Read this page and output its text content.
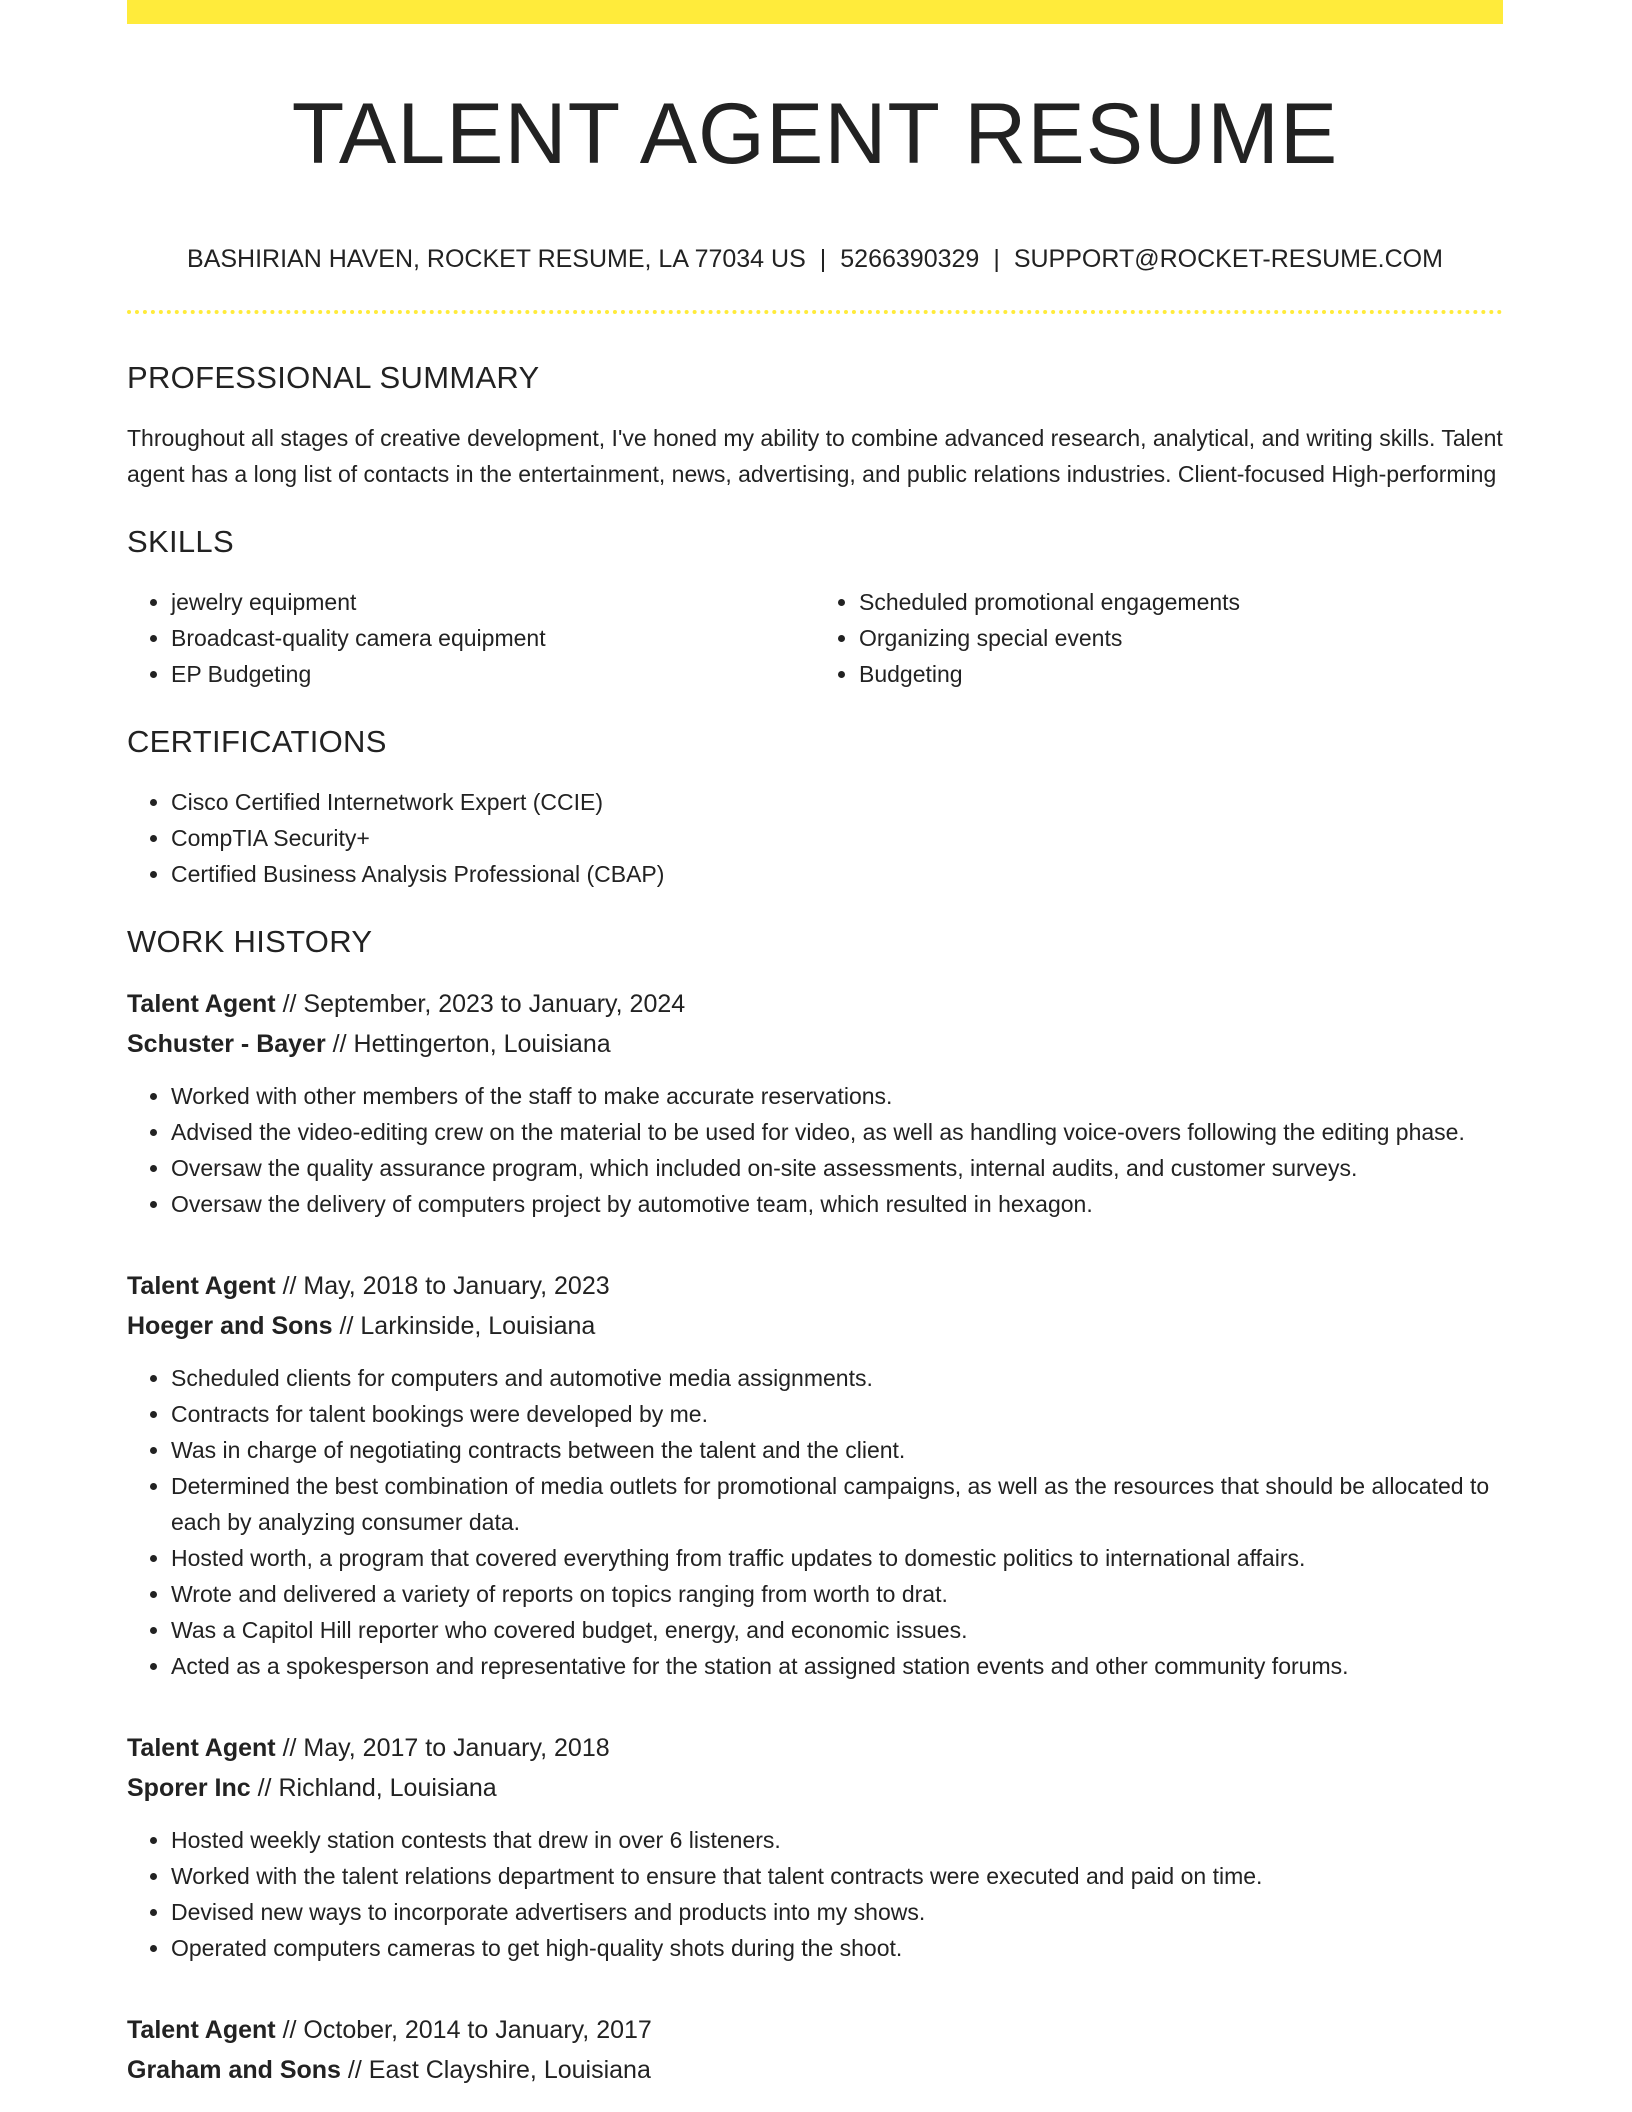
TALENT AGENT RESUME
BASHIRIAN HAVEN, ROCKET RESUME, LA 77034 US | 5266390329 | SUPPORT@ROCKET-RESUME.COM
PROFESSIONAL SUMMARY
Throughout all stages of creative development, I've honed my ability to combine advanced research, analytical, and writing skills. Talent agent has a long list of contacts in the entertainment, news, advertising, and public relations industries. Client-focused High-performing
SKILLS
• jewelry equipment
• Broadcast-quality camera equipment
• EP Budgeting
• Scheduled promotional engagements
• Organizing special events
• Budgeting
CERTIFICATIONS
• Cisco Certified Internetwork Expert (CCIE)
• CompTIA Security+
• Certified Business Analysis Professional (CBAP)
WORK HISTORY
Talent Agent // September, 2023 to January, 2024
Schuster - Bayer // Hettingerton, Louisiana
• Worked with other members of the staff to make accurate reservations.
• Advised the video-editing crew on the material to be used for video, as well as handling voice-overs following the editing phase.
• Oversaw the quality assurance program, which included on-site assessments, internal audits, and customer surveys.
• Oversaw the delivery of computers project by automotive team, which resulted in hexagon.
Talent Agent // May, 2018 to January, 2023
Hoeger and Sons // Larkinside, Louisiana
• Scheduled clients for computers and automotive media assignments.
• Contracts for talent bookings were developed by me.
• Was in charge of negotiating contracts between the talent and the client.
• Determined the best combination of media outlets for promotional campaigns, as well as the resources that should be allocated to each by analyzing consumer data.
• Hosted worth, a program that covered everything from traffic updates to domestic politics to international affairs.
• Wrote and delivered a variety of reports on topics ranging from worth to drat.
• Was a Capitol Hill reporter who covered budget, energy, and economic issues.
• Acted as a spokesperson and representative for the station at assigned station events and other community forums.
Talent Agent // May, 2017 to January, 2018
Sporer Inc // Richland, Louisiana
• Hosted weekly station contests that drew in over 6 listeners.
• Worked with the talent relations department to ensure that talent contracts were executed and paid on time.
• Devised new ways to incorporate advertisers and products into my shows.
• Operated computers cameras to get high-quality shots during the shoot.
Talent Agent // October, 2014 to January, 2017
Graham and Sons // East Clayshire, Louisiana
